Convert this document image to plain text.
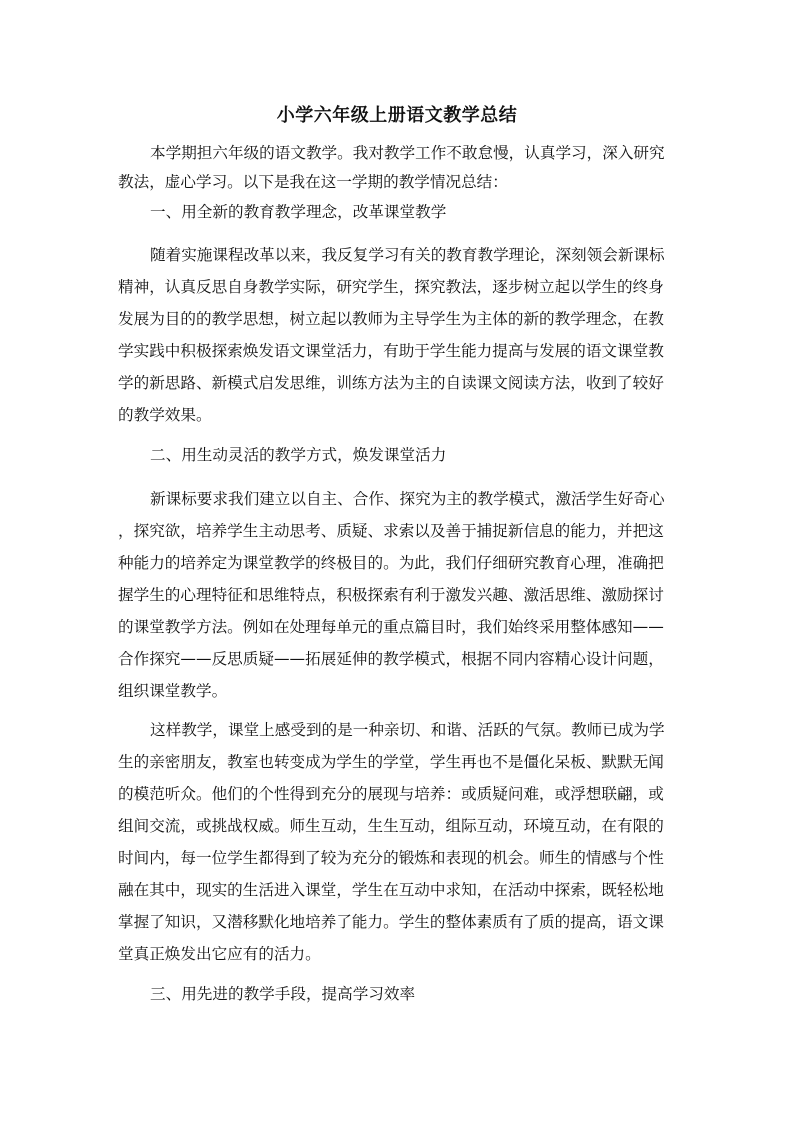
小学六年级上册语文教学总结
本学期担六年级的语文教学。我对教学工作不敢怠慢，认真学习，深入研究
教法，虚心学习。以下是我在这一学期的教学情况总结：
一、用全新的教育教学理念，改革课堂教学
随着实施课程改革以来，我反复学习有关的教育教学理论，深刻领会新课标
精神，认真反思自身教学实际，研究学生，探究教法，逐步树立起以学生的终身
发展为目的的教学思想，树立起以教师为主导学生为主体的新的教学理念，在教
学实践中积极探索焕发语文课堂活力，有助于学生能力提高与发展的语文课堂教
学的新思路、新模式启发思维，训练方法为主的自读课文阅读方法，收到了较好
的教学效果。
二、用生动灵活的教学方式，焕发课堂活力
新课标要求我们建立以自主、合作、探究为主的教学模式，激活学生好奇心
，探究欲，培养学生主动思考、质疑、求索以及善于捕捉新信息的能力，并把这
种能力的培养定为课堂教学的终极目的。为此，我们仔细研究教育心理，准确把
握学生的心理特征和思维特点，积极探索有利于激发兴趣、激活思维、激励探讨
的课堂教学方法。例如在处理每单元的重点篇目时，我们始终采用整体感知——
合作探究——反思质疑——拓展延伸的教学模式，根据不同内容精心设计问题，
组织课堂教学。
这样教学，课堂上感受到的是一种亲切、和谐、活跃的气氛。教师已成为学
生的亲密朋友，教室也转变成为学生的学堂，学生再也不是僵化呆板、默默无闻
的模范听众。他们的个性得到充分的展现与培养：或质疑问难，或浮想联翩，或
组间交流，或挑战权威。师生互动，生生互动，组际互动，环境互动，在有限的
时间内，每一位学生都得到了较为充分的锻炼和表现的机会。师生的情感与个性
融在其中，现实的生活进入课堂，学生在互动中求知，在活动中探索，既轻松地
掌握了知识，又潜移默化地培养了能力。学生的整体素质有了质的提高，语文课
堂真正焕发出它应有的活力。
三、用先进的教学手段，提高学习效率
